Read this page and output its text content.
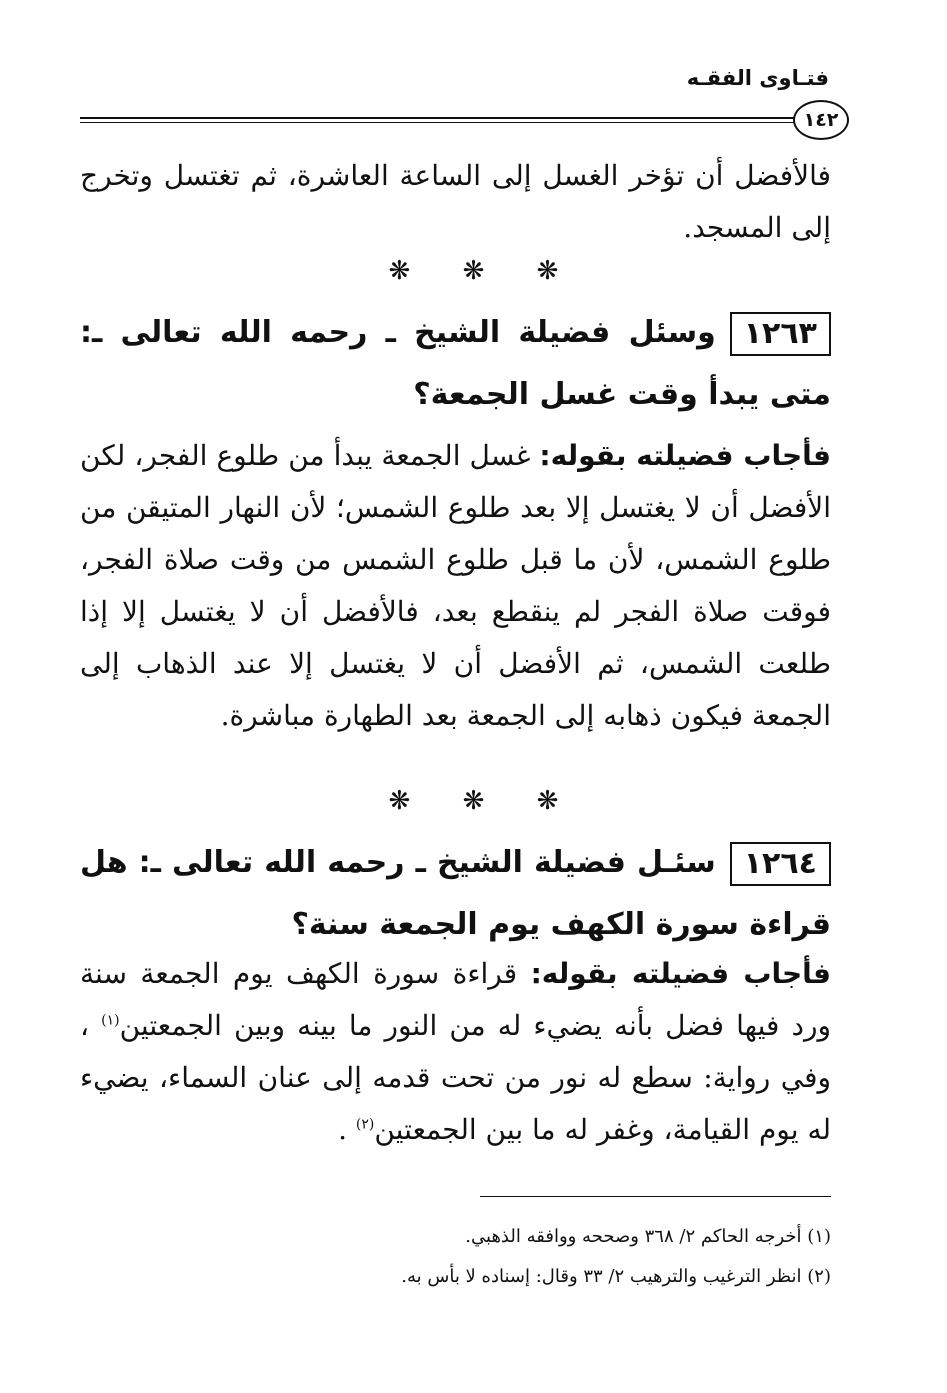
فتـاوى الفقـه
١٤٢
فالأفضل أن تؤخر الغسل إلى الساعة العاشرة، ثم تغتسل وتخرج إلى المسجد.
❋ ❋ ❋
١٢٦٣وسئل فضيلة الشيخ ـ رحمه الله تعالى ـ: متى يبدأ وقت غسل الجمعة؟
فأجاب فضيلته بقوله: غسل الجمعة يبدأ من طلوع الفجر، لكن الأفضل أن لا يغتسل إلا بعد طلوع الشمس؛ لأن النهار المتيقن من طلوع الشمس، لأن ما قبل طلوع الشمس من وقت صلاة الفجر، فوقت صلاة الفجر لم ينقطع بعد، فالأفضل أن لا يغتسل إلا إذا طلعت الشمس، ثم الأفضل أن لا يغتسل إلا عند الذهاب إلى الجمعة فيكون ذهابه إلى الجمعة بعد الطهارة مباشرة.
❋ ❋ ❋
١٢٦٤سئـل فضيلة الشيخ ـ رحمه الله تعالى ـ: هل قراءة سورة الكهف يوم الجمعة سنة؟
فأجاب فضيلته بقوله: قراءة سورة الكهف يوم الجمعة سنة ورد فيها فضل بأنه يضيء له من النور ما بينه وبين الجمعتين$^{(١)}$ ، وفي رواية: سطع له نور من تحت قدمه إلى عنان السماء، يضيء له يوم القيامة، وغفر له ما بين الجمعتين$^{(٢)}$ .
(١) أخرجه الحاكم ٢/ ٣٦٨ وصححه ووافقه الذهبي.
(٢) انظر الترغيب والترهيب ٢/ ٣٣ وقال: إسناده لا بأس به.
